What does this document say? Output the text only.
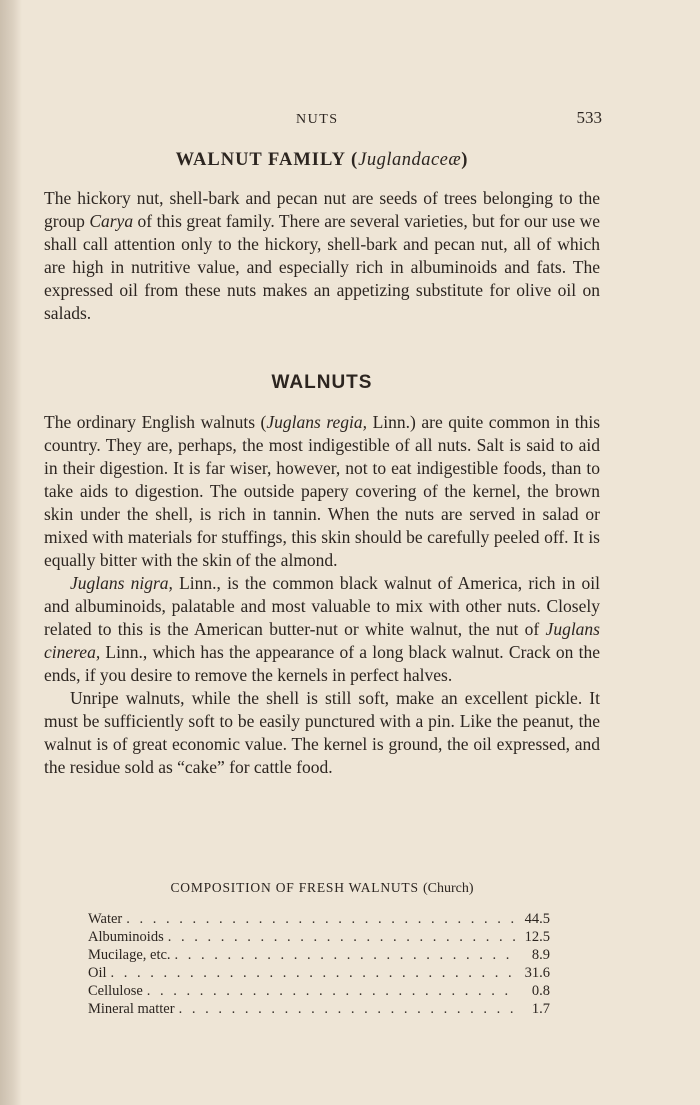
NUTS	533
WALNUT FAMILY (Juglandaceæ)

The hickory nut, shell-bark and pecan nut are seeds of trees belonging to the group Carya of this great family. There are several varieties, but for our use we shall call attention only to the hickory, shell-bark and pecan nut, all of which are high in nutritive value, and especially rich in albuminoids and fats. The expressed oil from these nuts makes an appetizing substitute for olive oil on salads.

WALNUTS

The ordinary English walnuts (Juglans regia, Linn.) are quite common in this country. They are, perhaps, the most indigestible of all nuts. Salt is said to aid in their digestion. It is far wiser, however, not to eat indigestible foods, than to take aids to digestion. The outside papery covering of the kernel, the brown skin under the shell, is rich in tannin. When the nuts are served in salad or mixed with materials for stuffings, this skin should be carefully peeled off. It is equally bitter with the skin of the almond.

Juglans nigra, Linn., is the common black walnut of America, rich in oil and albuminoids, palatable and most valuable to mix with other nuts. Closely related to this is the American butter-nut or white walnut, the nut of Juglans cinerea, Linn., which has the appearance of a long black walnut. Crack on the ends, if you desire to remove the kernels in perfect halves.

Unripe walnuts, while the shell is still soft, make an excellent pickle. It must be sufficiently soft to be easily punctured with a pin. Like the peanut, the walnut is of great economic value. The kernel is ground, the oil expressed, and the residue sold as “cake” for cattle food.

COMPOSITION OF FRESH WALNUTS (Church)
Water . . .	44.5
Albuminoids . . .	12.5
Mucilage, etc. . . .	8.9
Oil . . .	31.6
Cellulose . . .	0.8
Mineral matter . . .	1.7
